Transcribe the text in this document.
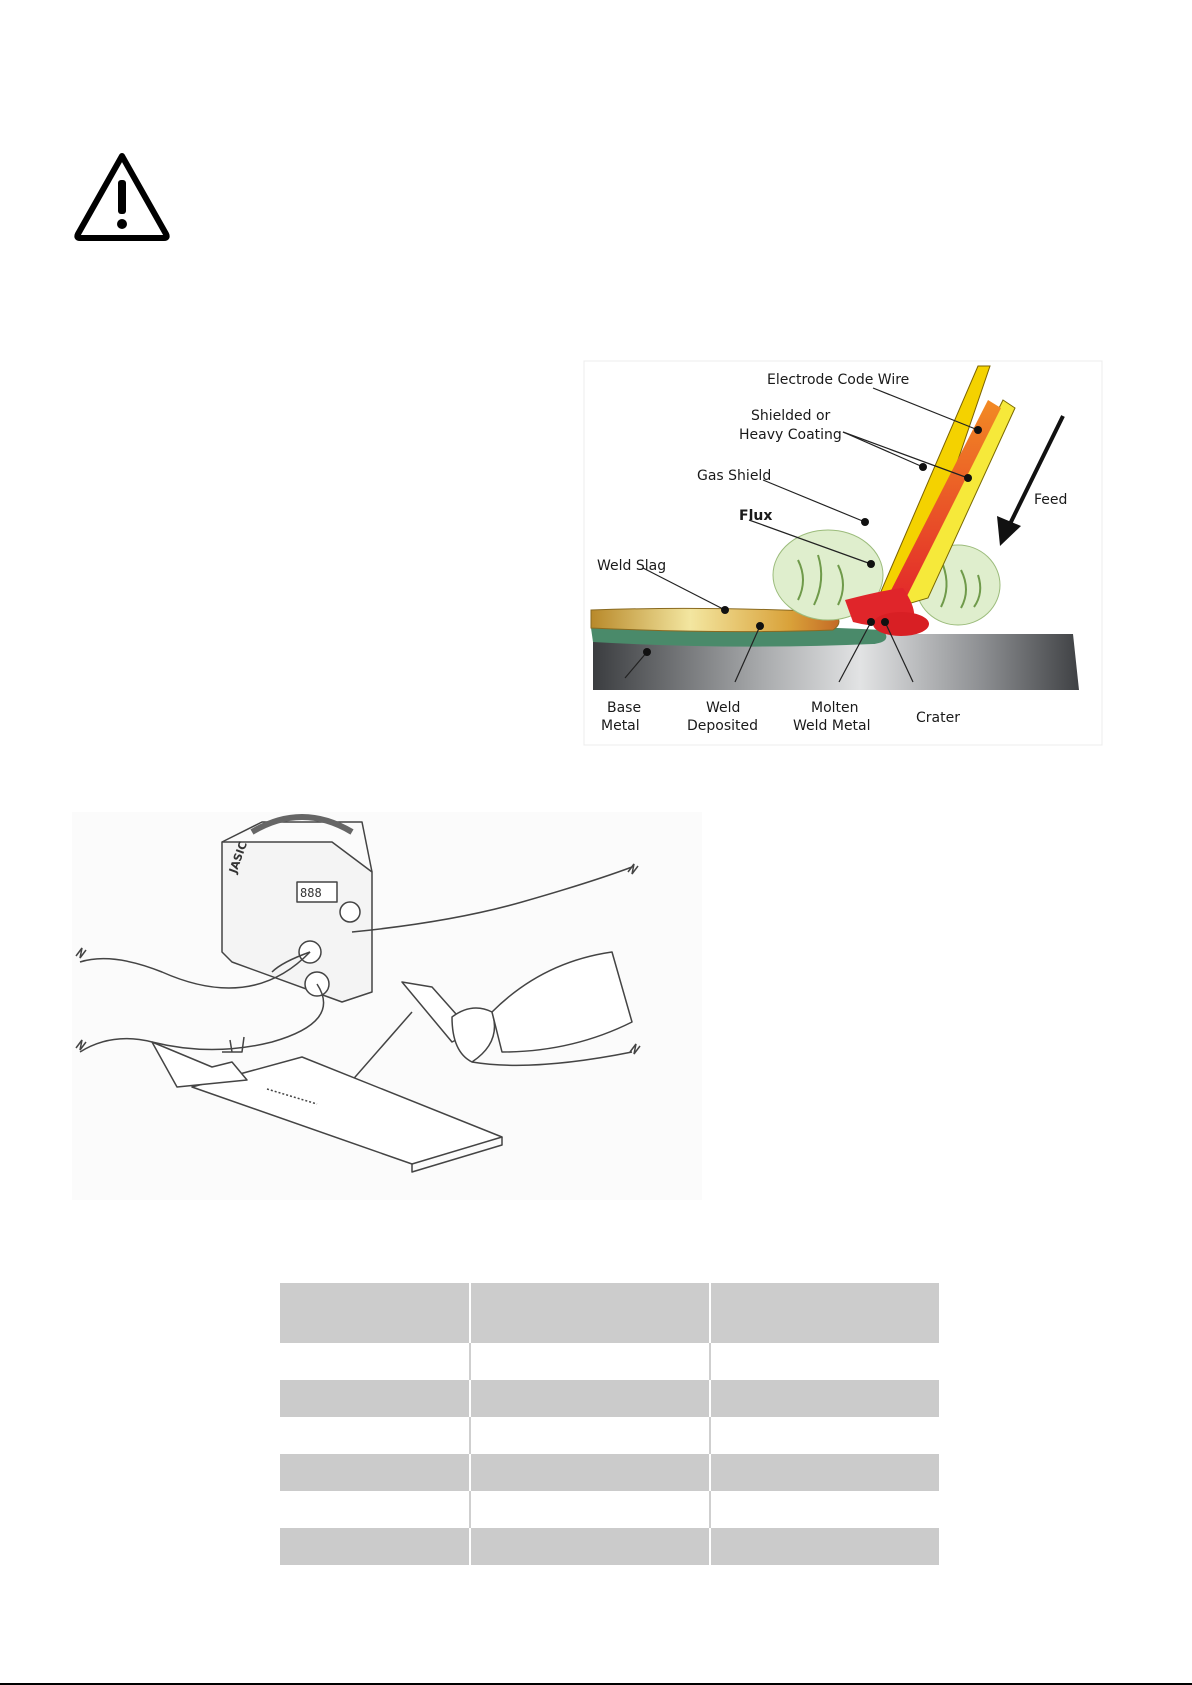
Electrode Code Wire
Shielded or
Heavy Coating
Gas Shield
Flux
Feed
Weld Slag
Base
Metal
Weld
Deposited
Molten
Weld Metal	Crater
JASIC
888
